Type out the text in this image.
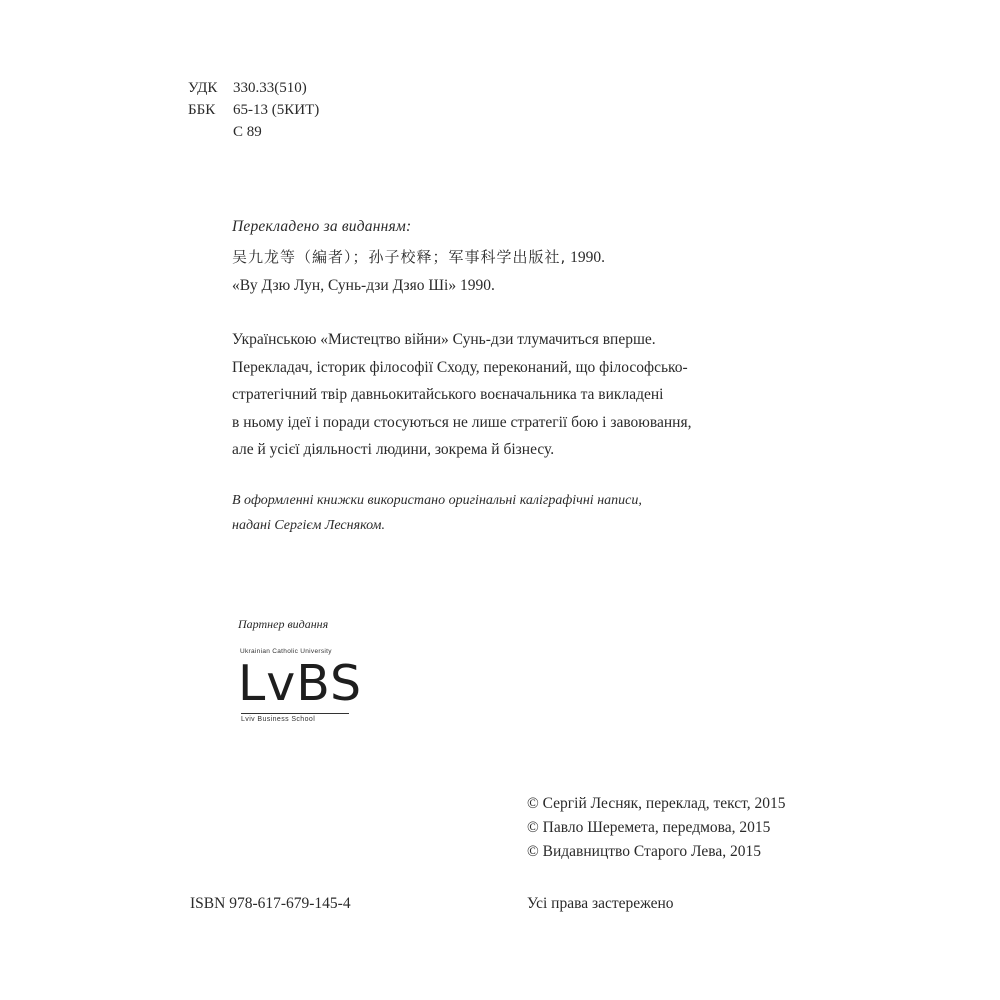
УДК 330.33(510)
ББК 65-13 (5КИТ)
С 89
Перекладено за виданням:
吴九龙等（編者）；孙子校释；军事科学出版社, 1990.
«Ву Дзю Лун, Сунь-дзи Дзяо Ші» 1990.
Українською «Мистецтво війни» Сунь-дзи тлумачиться вперше.
Перекладач, історик філософії Сходу, переконаний, що філософсько-
стратегічний твір давньокитайського воєначальника та викладені
в ньому ідеї і поради стосуються не лише стратегії бою і завоювання,
але й усієї діяльності людини, зокрема й бізнесу.
В оформленні книжки використано оригінальні каліграфічні написи,
надані Сергієм Лесняком.
Партнер видання
Ukrainian Catholic University
LvBS
Lviv Business School
© Сергій Лесняк, переклад, текст, 2015
© Павло Шеремета, передмова, 2015
© Видавництво Старого Лева, 2015
ISBN 978-617-679-145-4	Усі права застережено
